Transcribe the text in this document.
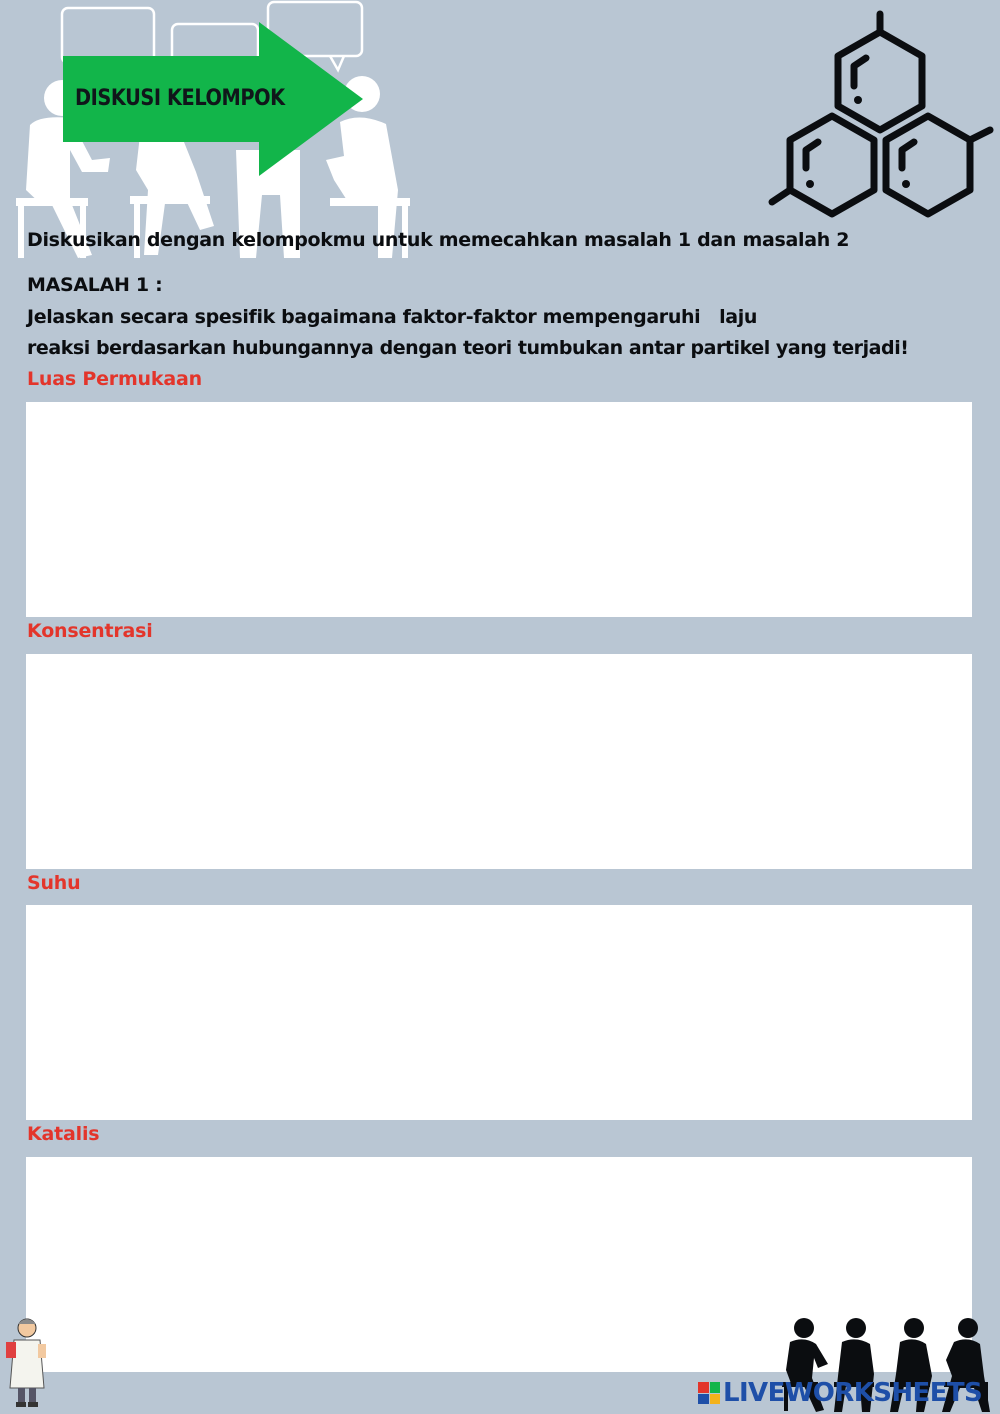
DISKUSI KELOMPOK
Diskusikan dengan kelompokmu untuk memecahkan masalah 1 dan masalah 2
MASALAH 1 :
Jelaskan secara spesifik bagaimana faktor-faktor mempengaruhi   laju
reaksi berdasarkan hubungannya dengan teori tumbukan antar partikel yang terjadi!
Luas Permukaan
Konsentrasi
Suhu
Katalis
LIVEWORKSHEETS
